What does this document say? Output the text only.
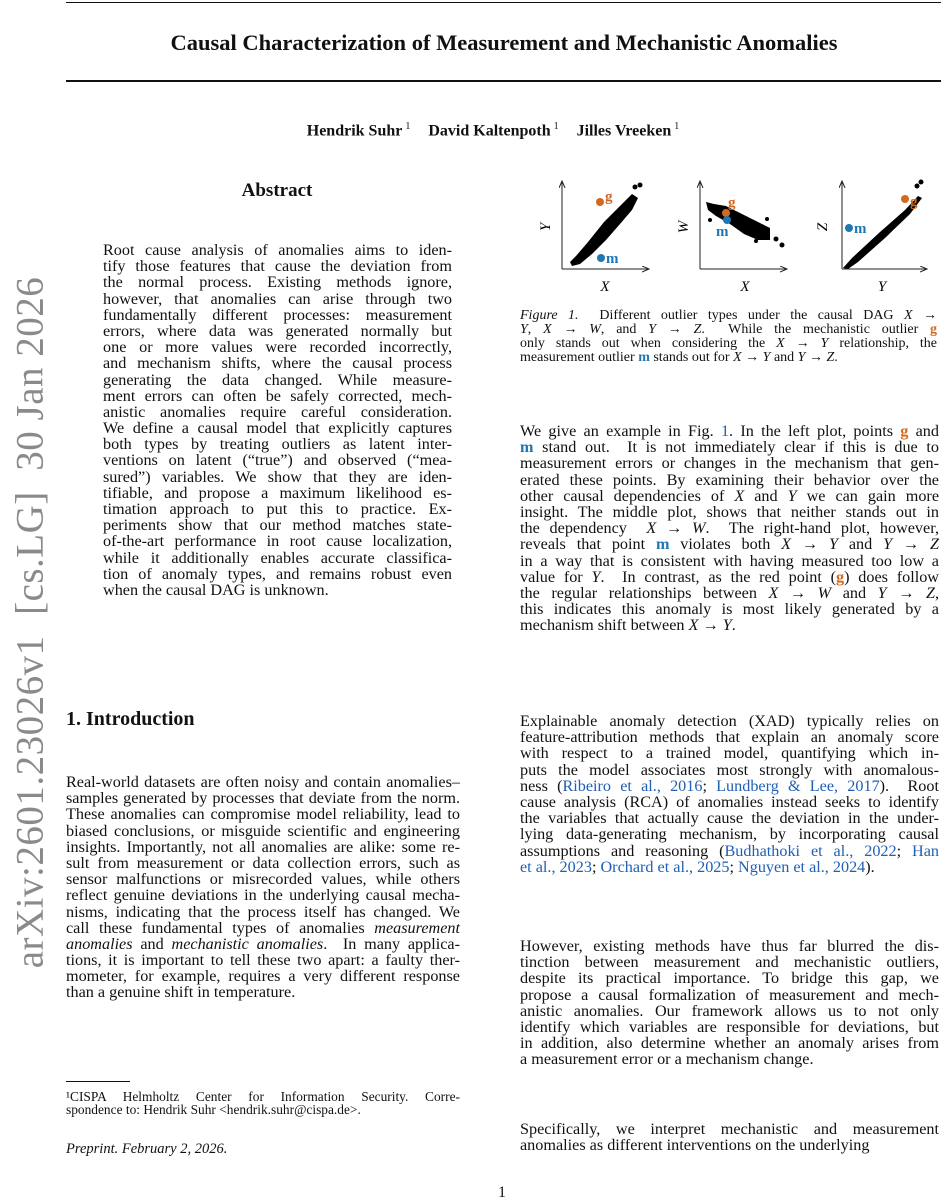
Causal Characterization of Measurement and Mechanistic Anomalies
Hendrik Suhr $^1$ David Kaltenpoth $^1$ Jilles Vreeken $^1$
arXiv:2601.23026v1  [cs.LG]  30 Jan 2026
Abstract
Root cause analysis of anomalies aims to iden-
tify those features that cause the deviation from
the normal process. Existing methods ignore,
however, that anomalies can arise through two
fundamentally different processes: measurement
errors, where data was generated normally but
one or more values were recorded incorrectly,
and mechanism shifts, where the causal process
generating the data changed. While measure-
ment errors can often be safely corrected, mech-
anistic anomalies require careful consideration.
We define a causal model that explicitly captures
both types by treating outliers as latent inter-
ventions on latent (“true”) and observed (“mea-
sured”) variables. We show that they are iden-
tifiable, and propose a maximum likelihood es-
timation approach to put this to practice. Ex-
periments show that our method matches state-
of-the-art performance in root cause localization,
while it additionally enables accurate classifica-
tion of anomaly types, and remains robust even
when the causal DAG is unknown.
1. Introduction
Real-world datasets are often noisy and contain anomalies–
samples generated by processes that deviate from the norm.
These anomalies can compromise model reliability, lead to
biased conclusions, or misguide scientific and engineering
insights. Importantly, not all anomalies are alike: some re-
sult from measurement or data collection errors, such as
sensor malfunctions or misrecorded values, while others
reflect genuine deviations in the underlying causal mecha-
nisms, indicating that the process itself has changed. We
call these fundamental types of anomalies measurement
anomalies and mechanistic anomalies.  In many applica-
tions, it is important to tell these two apart: a faulty ther-
mometer, for example, requires a very different response
than a genuine shift in temperature.
¹CISPA Helmholtz Center for Information Security. Corre-
spondence to: Hendrik Suhr <hendrik.suhr@cispa.de>.
Preprint. February 2, 2026.
1
g
m
X
Y
g
m
X
W
g
m
Y
Z
Figure 1.  Different outlier types under the causal DAG X →
Y, X → W, and Y → Z.  While the mechanistic outlier g
only stands out when considering the X → Y relationship, the
measurement outlier m stands out for X → Y and Y → Z.
We give an example in Fig. 1. In the left plot, points g and
m stand out.  It is not immediately clear if this is due to
measurement errors or changes in the mechanism that gen-
erated these points. By examining their behavior over the
other causal dependencies of X and Y we can gain more
insight. The middle plot, shows that neither stands out in
the dependency  X → W.  The right-hand plot, however,
reveals that point m violates both X → Y and Y → Z
in a way that is consistent with having measured too low a
value for Y.  In contrast, as the red point (g) does follow
the regular relationships between X → W and Y → Z,
this indicates this anomaly is most likely generated by a
mechanism shift between X → Y.
Explainable anomaly detection (XAD) typically relies on
feature-attribution methods that explain an anomaly score
with respect to a trained model, quantifying which in-
puts the model associates most strongly with anomalous-
ness (Ribeiro et al., 2016; Lundberg & Lee, 2017).  Root
cause analysis (RCA) of anomalies instead seeks to identify
the variables that actually cause the deviation in the under-
lying data-generating mechanism, by incorporating causal
assumptions and reasoning (Budhathoki et al., 2022; Han
et al., 2023; Orchard et al., 2025; Nguyen et al., 2024).
However, existing methods have thus far blurred the dis-
tinction between measurement and mechanistic outliers,
despite its practical importance. To bridge this gap, we
propose a causal formalization of measurement and mech-
anistic anomalies. Our framework allows us to not only
identify which variables are responsible for deviations, but
in addition, also determine whether an anomaly arises from
a measurement error or a mechanism change.
Specifically, we interpret mechanistic and measurement
anomalies as different interventions on the underlying
